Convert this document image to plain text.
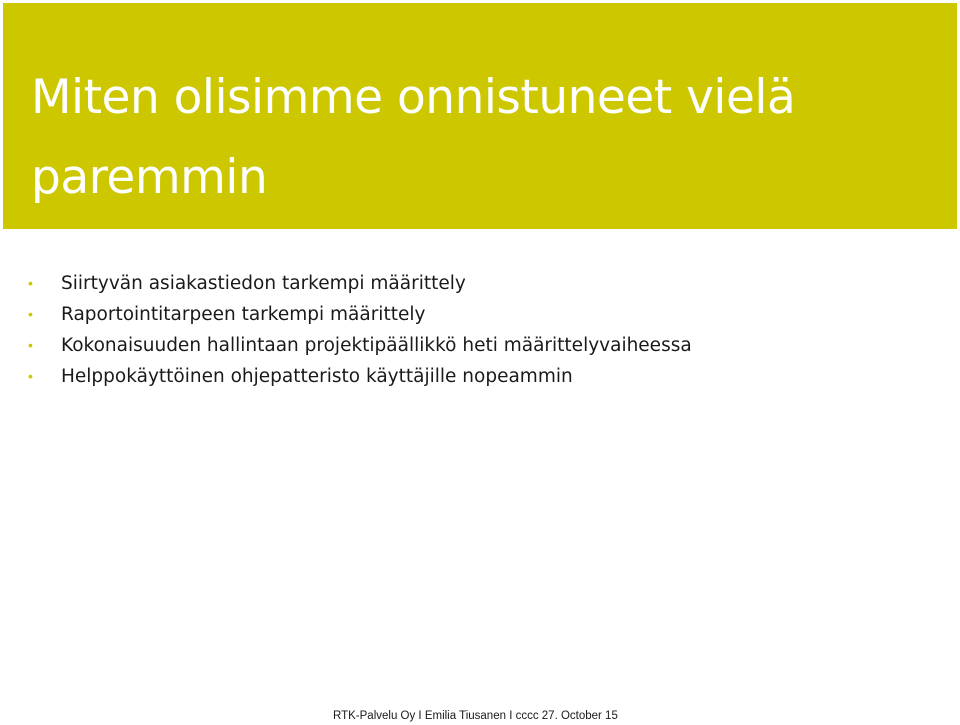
Miten olisimme onnistuneet vielä paremmin
• Siirtyvän asiakastiedon tarkempi määrittely
• Raportointitarpeen tarkempi määrittely
• Kokonaisuuden hallintaan projektipäällikkö heti määrittelyvaiheessa
• Helppokäyttöinen ohjepatteristo käyttäjille nopeammin
RTK-Palvelu Oy I Emilia Tiusanen I cccc 27. October 15
